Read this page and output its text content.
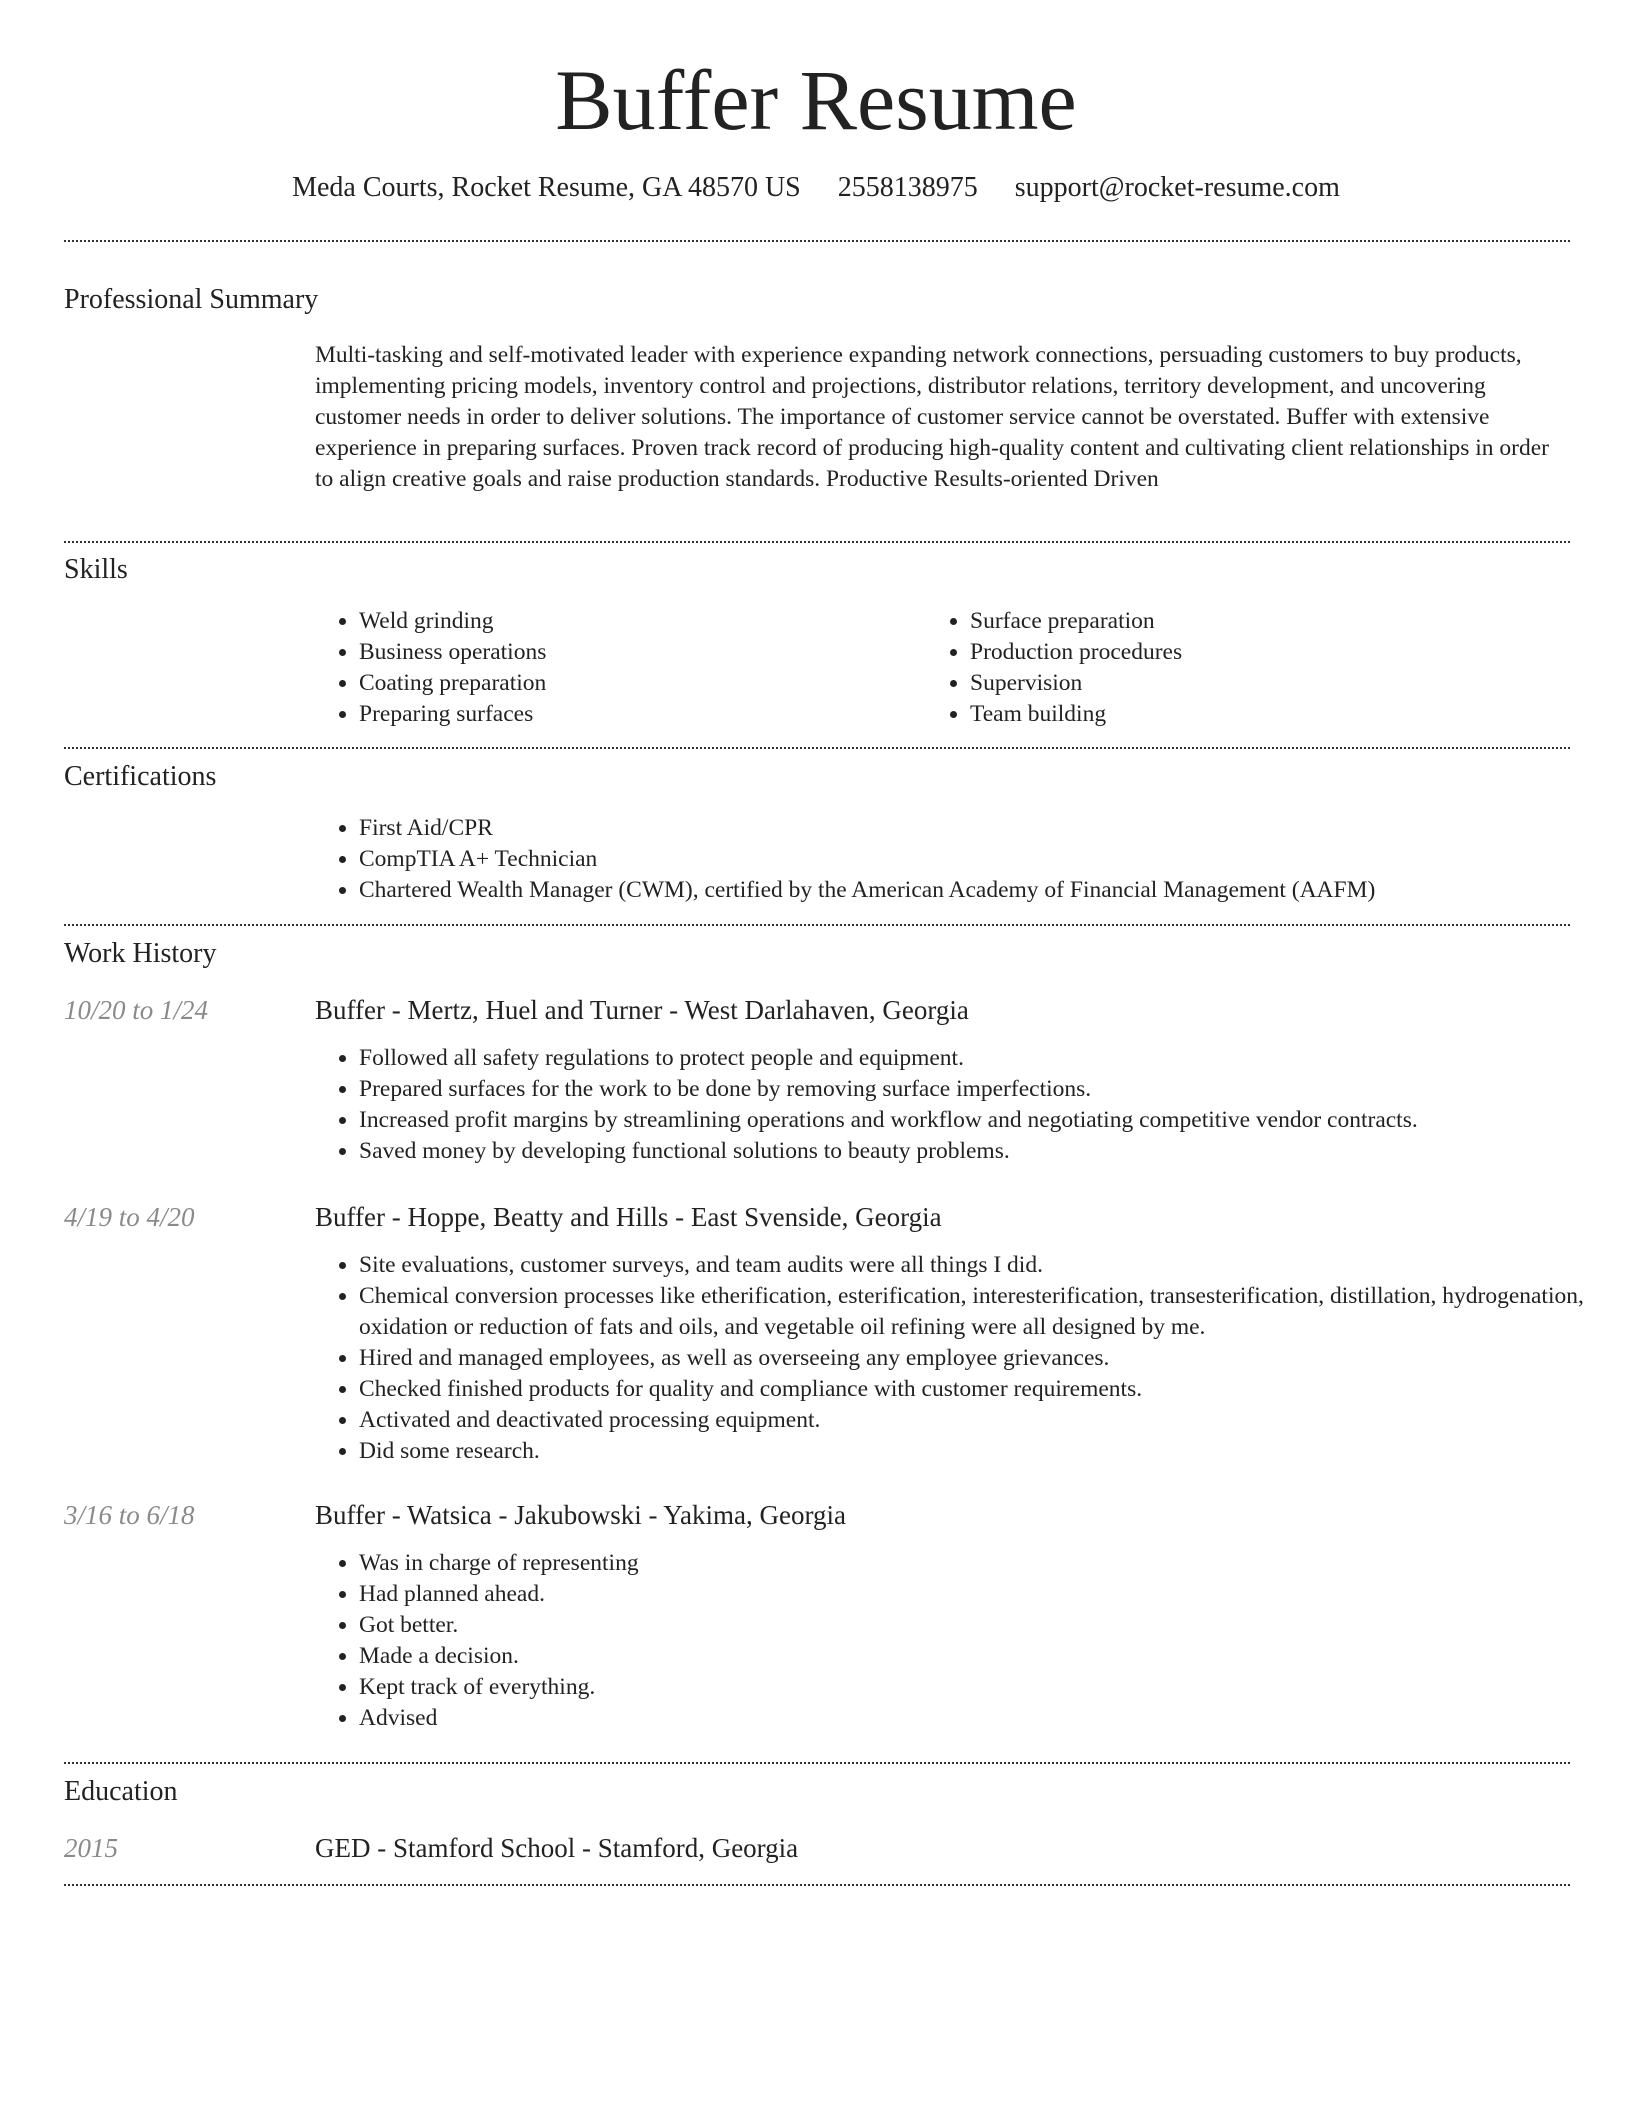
Buffer Resume
Meda Courts, Rocket Resume, GA 48570 US 2558138975 support@rocket-resume.com
Professional Summary
Multi-tasking and self-motivated leader with experience expanding network connections, persuading customers to buy products, implementing pricing models, inventory control and projections, distributor relations, territory development, and uncovering customer needs in order to deliver solutions. The importance of customer service cannot be overstated. Buffer with extensive experience in preparing surfaces. Proven track record of producing high-quality content and cultivating client relationships in order to align creative goals and raise production standards. Productive Results-oriented Driven
Skills
• Weld grinding
• Business operations
• Coating preparation
• Preparing surfaces
• Surface preparation
• Production procedures
• Supervision
• Team building
Certifications
• First Aid/CPR
• CompTIA A+ Technician
• Chartered Wealth Manager (CWM), certified by the American Academy of Financial Management (AAFM)
Work History
10/20 to 1/24	Buffer - Mertz, Huel and Turner - West Darlahaven, Georgia
• Followed all safety regulations to protect people and equipment.
• Prepared surfaces for the work to be done by removing surface imperfections.
• Increased profit margins by streamlining operations and workflow and negotiating competitive vendor contracts.
• Saved money by developing functional solutions to beauty problems.
4/19 to 4/20	Buffer - Hoppe, Beatty and Hills - East Svenside, Georgia
• Site evaluations, customer surveys, and team audits were all things I did.
• Chemical conversion processes like etherification, esterification, interesterification, transesterification, distillation, hydrogenation, oxidation or reduction of fats and oils, and vegetable oil refining were all designed by me.
• Hired and managed employees, as well as overseeing any employee grievances.
• Checked finished products for quality and compliance with customer requirements.
• Activated and deactivated processing equipment.
• Did some research.
3/16 to 6/18	Buffer - Watsica - Jakubowski - Yakima, Georgia
• Was in charge of representing
• Had planned ahead.
• Got better.
• Made a decision.
• Kept track of everything.
• Advised
Education
2015	GED - Stamford School - Stamford, Georgia
